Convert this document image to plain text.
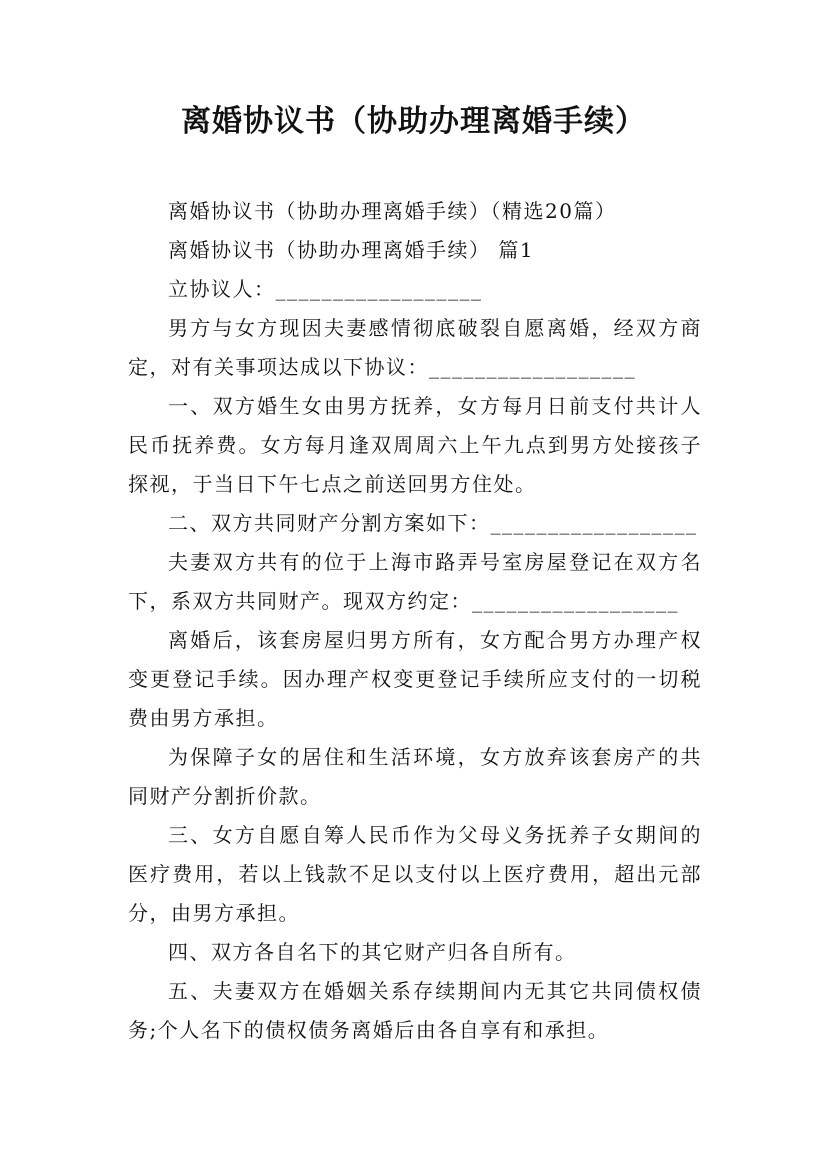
离婚协议书（协助办理离婚手续）

离婚协议书（协助办理离婚手续）（精选20篇）

离婚协议书（协助办理离婚手续） 篇1

立协议人：__________________

男方与女方现因夫妻感情彻底破裂自愿离婚，经双方商定，对有关事项达成以下协议：__________________

一、双方婚生女由男方抚养，女方每月日前支付共计人民币抚养费。女方每月逢双周周六上午九点到男方处接孩子探视，于当日下午七点之前送回男方住处。

二、双方共同财产分割方案如下：__________________

夫妻双方共有的位于上海市路弄号室房屋登记在双方名下，系双方共同财产。现双方约定：__________________

离婚后，该套房屋归男方所有，女方配合男方办理产权变更登记手续。因办理产权变更登记手续所应支付的一切税费由男方承担。

为保障子女的居住和生活环境，女方放弃该套房产的共同财产分割折价款。

三、女方自愿自筹人民币作为父母义务抚养子女期间的医疗费用，若以上钱款不足以支付以上医疗费用，超出元部分，由男方承担。

四、双方各自名下的其它财产归各自所有。

五、夫妻双方在婚姻关系存续期间内无其它共同债权债务;个人名下的债权债务离婚后由各自享有和承担。
